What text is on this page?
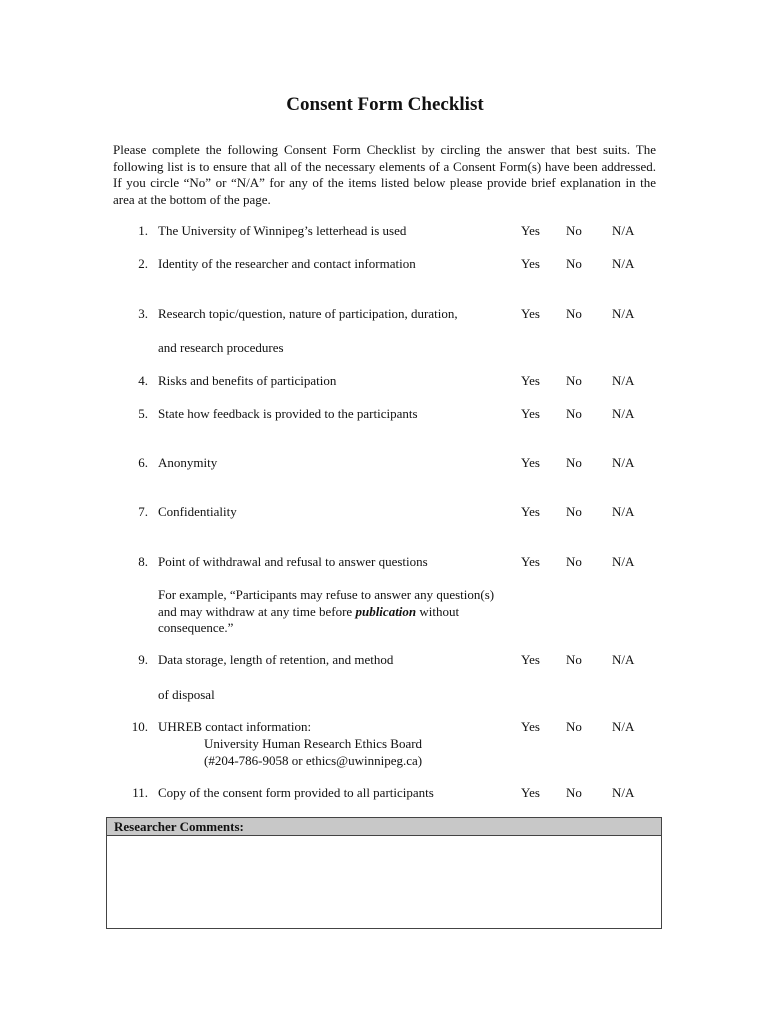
Consent Form Checklist

Please complete the following Consent Form Checklist by circling the answer that best suits. The following list is to ensure that all of the necessary elements of a Consent Form(s) have been addressed. If you circle “No” or “N/A” for any of the items listed below please provide brief explanation in the area at the bottom of the page.

1. The University of Winnipeg’s letterhead is used	Yes No N/A
2. Identity of the researcher and contact information	Yes No N/A
3. Research topic/question, nature of participation, duration,	Yes No N/A
and research procedures
4. Risks and benefits of participation	Yes No N/A
5. State how feedback is provided to the participants	Yes No N/A
6. Anonymity	Yes No N/A
7. Confidentiality	Yes No N/A
8. Point of withdrawal and refusal to answer questions	Yes No N/A
For example, “Participants may refuse to answer any question(s)
and may withdraw at any time before publication without
consequence.”
9. Data storage, length of retention, and method	Yes No N/A
of disposal
10. UHREB contact information:	Yes No N/A
University Human Research Ethics Board
(#204-786-9058 or ethics@uwinnipeg.ca)
11. Copy of the consent form provided to all participants	Yes No N/A
Researcher Comments:
